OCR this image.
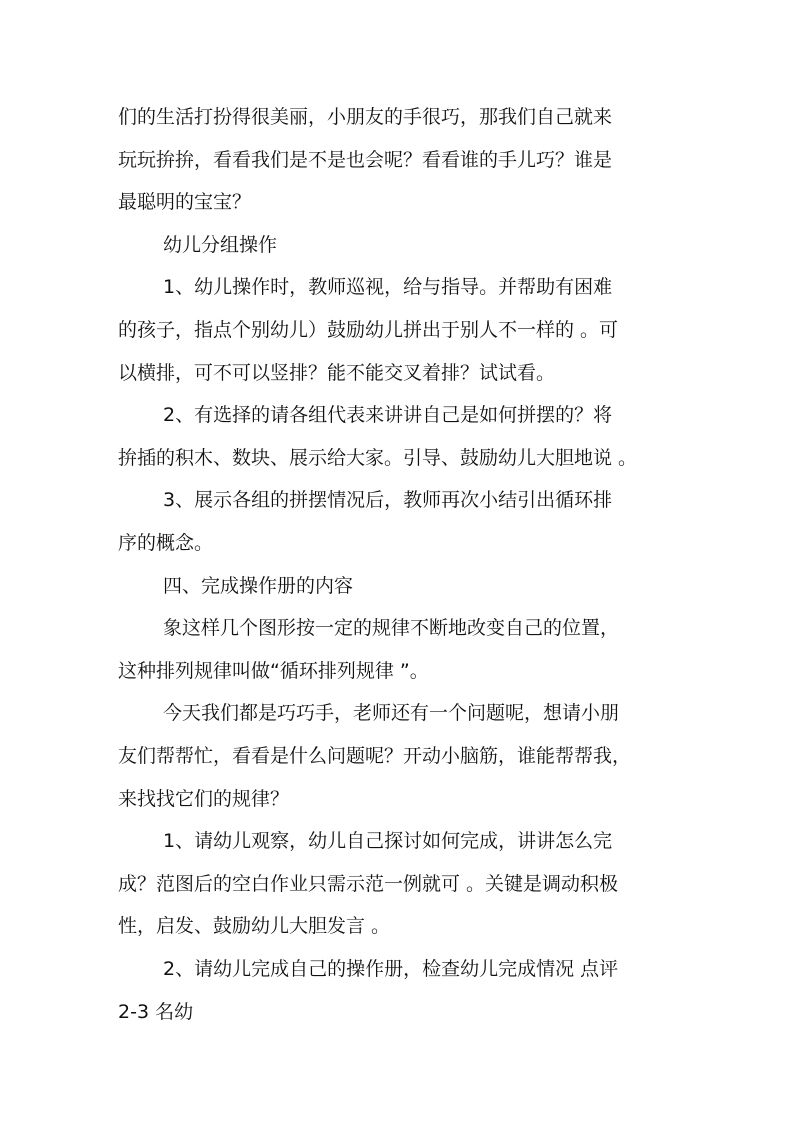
们的生活打扮得很美丽，小朋友的手很巧，那我们自己就来
玩玩拚拚，看看我们是不是也会呢？看看谁的手儿巧？谁是
最聪明的宝宝？
幼儿分组操作
1、幼儿操作时，教师巡视，给与指导。并帮助有困难
的孩子，指点个别幼儿）鼓励幼儿拼出于别人不一样的 。可
以横排，可不可以竖排？能不能交叉着排？试试看。
2、有选择的请各组代表来讲讲自己是如何拼摆的？将
拚插的积木、数块、展示给大家。引导、鼓励幼儿大胆地说 。
3、展示各组的拼摆情况后，教师再次小结引出循环排
序的概念。
四、完成操作册的内容
象这样几个图形按一定的规律不断地改变自己的位置，
这种排列规律叫做“循环排列规律 ”。
今天我们都是巧巧手，老师还有一个问题呢，想请小朋
友们帮帮忙，看看是什么问题呢？开动小脑筋，谁能帮帮我，
来找找它们的规律？
1、请幼儿观察，幼儿自己探讨如何完成，讲讲怎么完
成？范图后的空白作业只需示范一例就可 。关键是调动积极
性，启发、鼓励幼儿大胆发言 。
2、请幼儿完成自己的操作册，检查幼儿完成情况 点评
2-3 名幼
